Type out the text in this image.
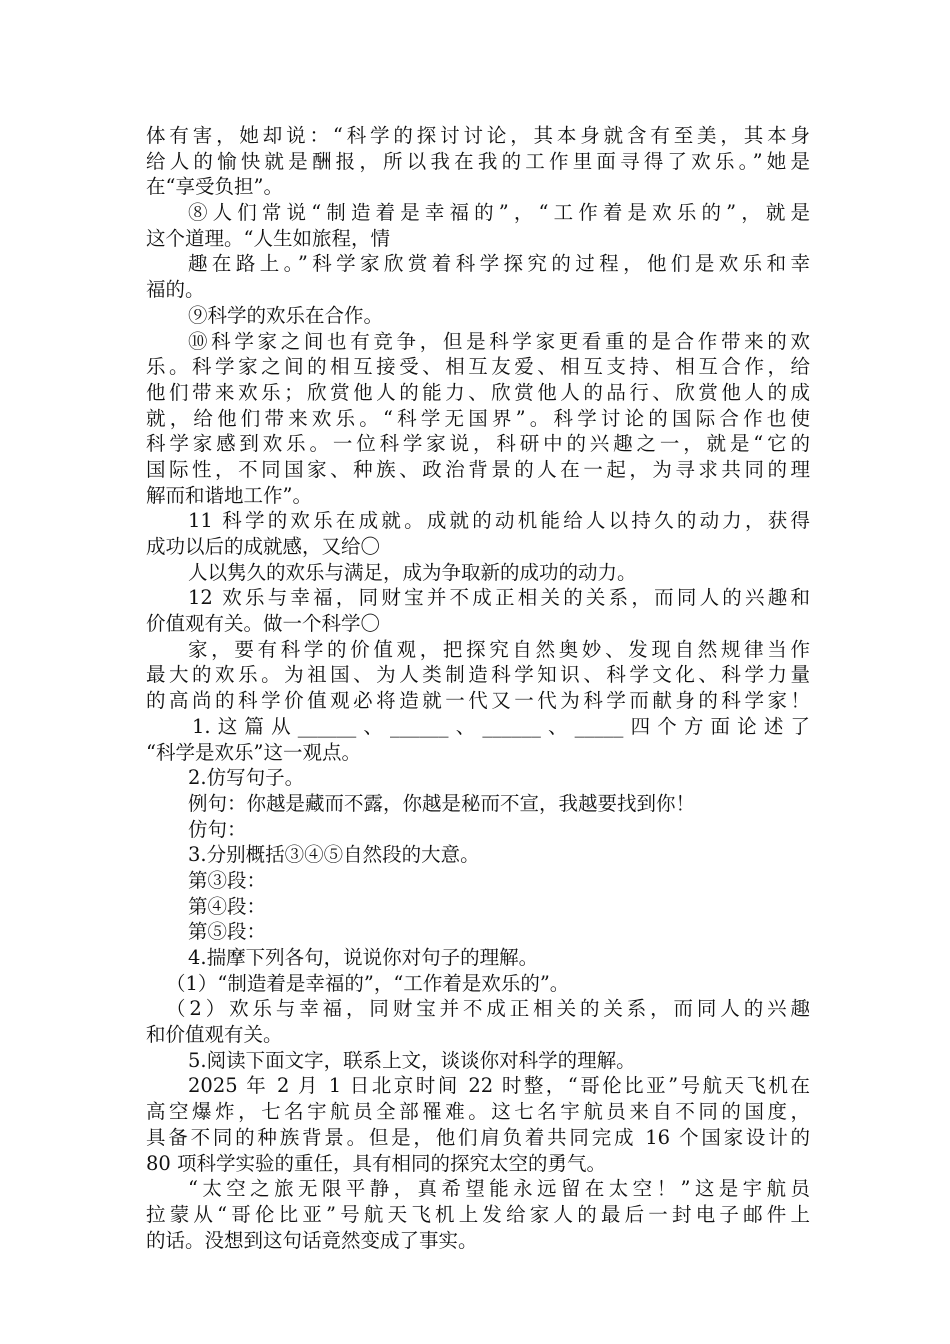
体有害，她却说：“科学的探讨讨论，其本身就含有至美，其本身
给人的愉快就是酬报，所以我在我的工作里面寻得了欢乐。”她是
在“享受负担”。
⑧人们常说“制造着是幸福的”，“工作着是欢乐的”，就是
这个道理。“人生如旅程，情
趣在路上。”科学家欣赏着科学探究的过程，他们是欢乐和幸
福的。
⑨科学的欢乐在合作。
⑩科学家之间也有竞争，但是科学家更看重的是合作带来的欢
乐。科学家之间的相互接受、相互友爱、相互支持、相互合作，给
他们带来欢乐；欣赏他人的能力、欣赏他人的品行、欣赏他人的成
就，给他们带来欢乐。“科学无国界”。科学讨论的国际合作也使
科学家感到欢乐。一位科学家说，科研中的兴趣之一，就是“它的
国际性，不同国家、种族、政治背景的人在一起，为寻求共同的理
解而和谐地工作”。
11 科学的欢乐在成就。成就的动机能给人以持久的动力，获得
成功以后的成就感，又给〇
人以隽久的欢乐与满足，成为争取新的成功的动力。
12 欢乐与幸福，同财宝并不成正相关的关系，而同人的兴趣和
价值观有关。做一个科学〇
家，要有科学的价值观，把探究自然奥妙、发现自然规律当作
最大的欢乐。为祖国、为人类制造科学知识、科学文化、科学力量
的高尚的科学价值观必将造就一代又一代为科学而献身的科学家！
1.这篇从______、______、______、_____四个方面论述了
“科学是欢乐”这一观点。
2.仿写句子。
例句：你越是藏而不露，你越是秘而不宣，我越要找到你！
仿句：
3.分别概括③④⑤自然段的大意。
第③段：
第④段：
第⑤段：
4.揣摩下列各句，说说你对句子的理解。
（1）“制造着是幸福的”，“工作着是欢乐的”。
（2）欢乐与幸福，同财宝并不成正相关的关系，而同人的兴趣
和价值观有关。
5.阅读下面文字，联系上文，谈谈你对科学的理解。
2025 年 2 月 1 日北京时间 22 时整，“哥伦比亚”号航天飞机在
高空爆炸，七名宇航员全部罹难。这七名宇航员来自不同的国度，
具备不同的种族背景。但是，他们肩负着共同完成 16 个国家设计的
80 项科学实验的重任，具有相同的探究太空的勇气。
“太空之旅无限平静，真希望能永远留在太空！”这是宇航员
拉蒙从“哥伦比亚”号航天飞机上发给家人的最后一封电子邮件上
的话。没想到这句话竟然变成了事实。
